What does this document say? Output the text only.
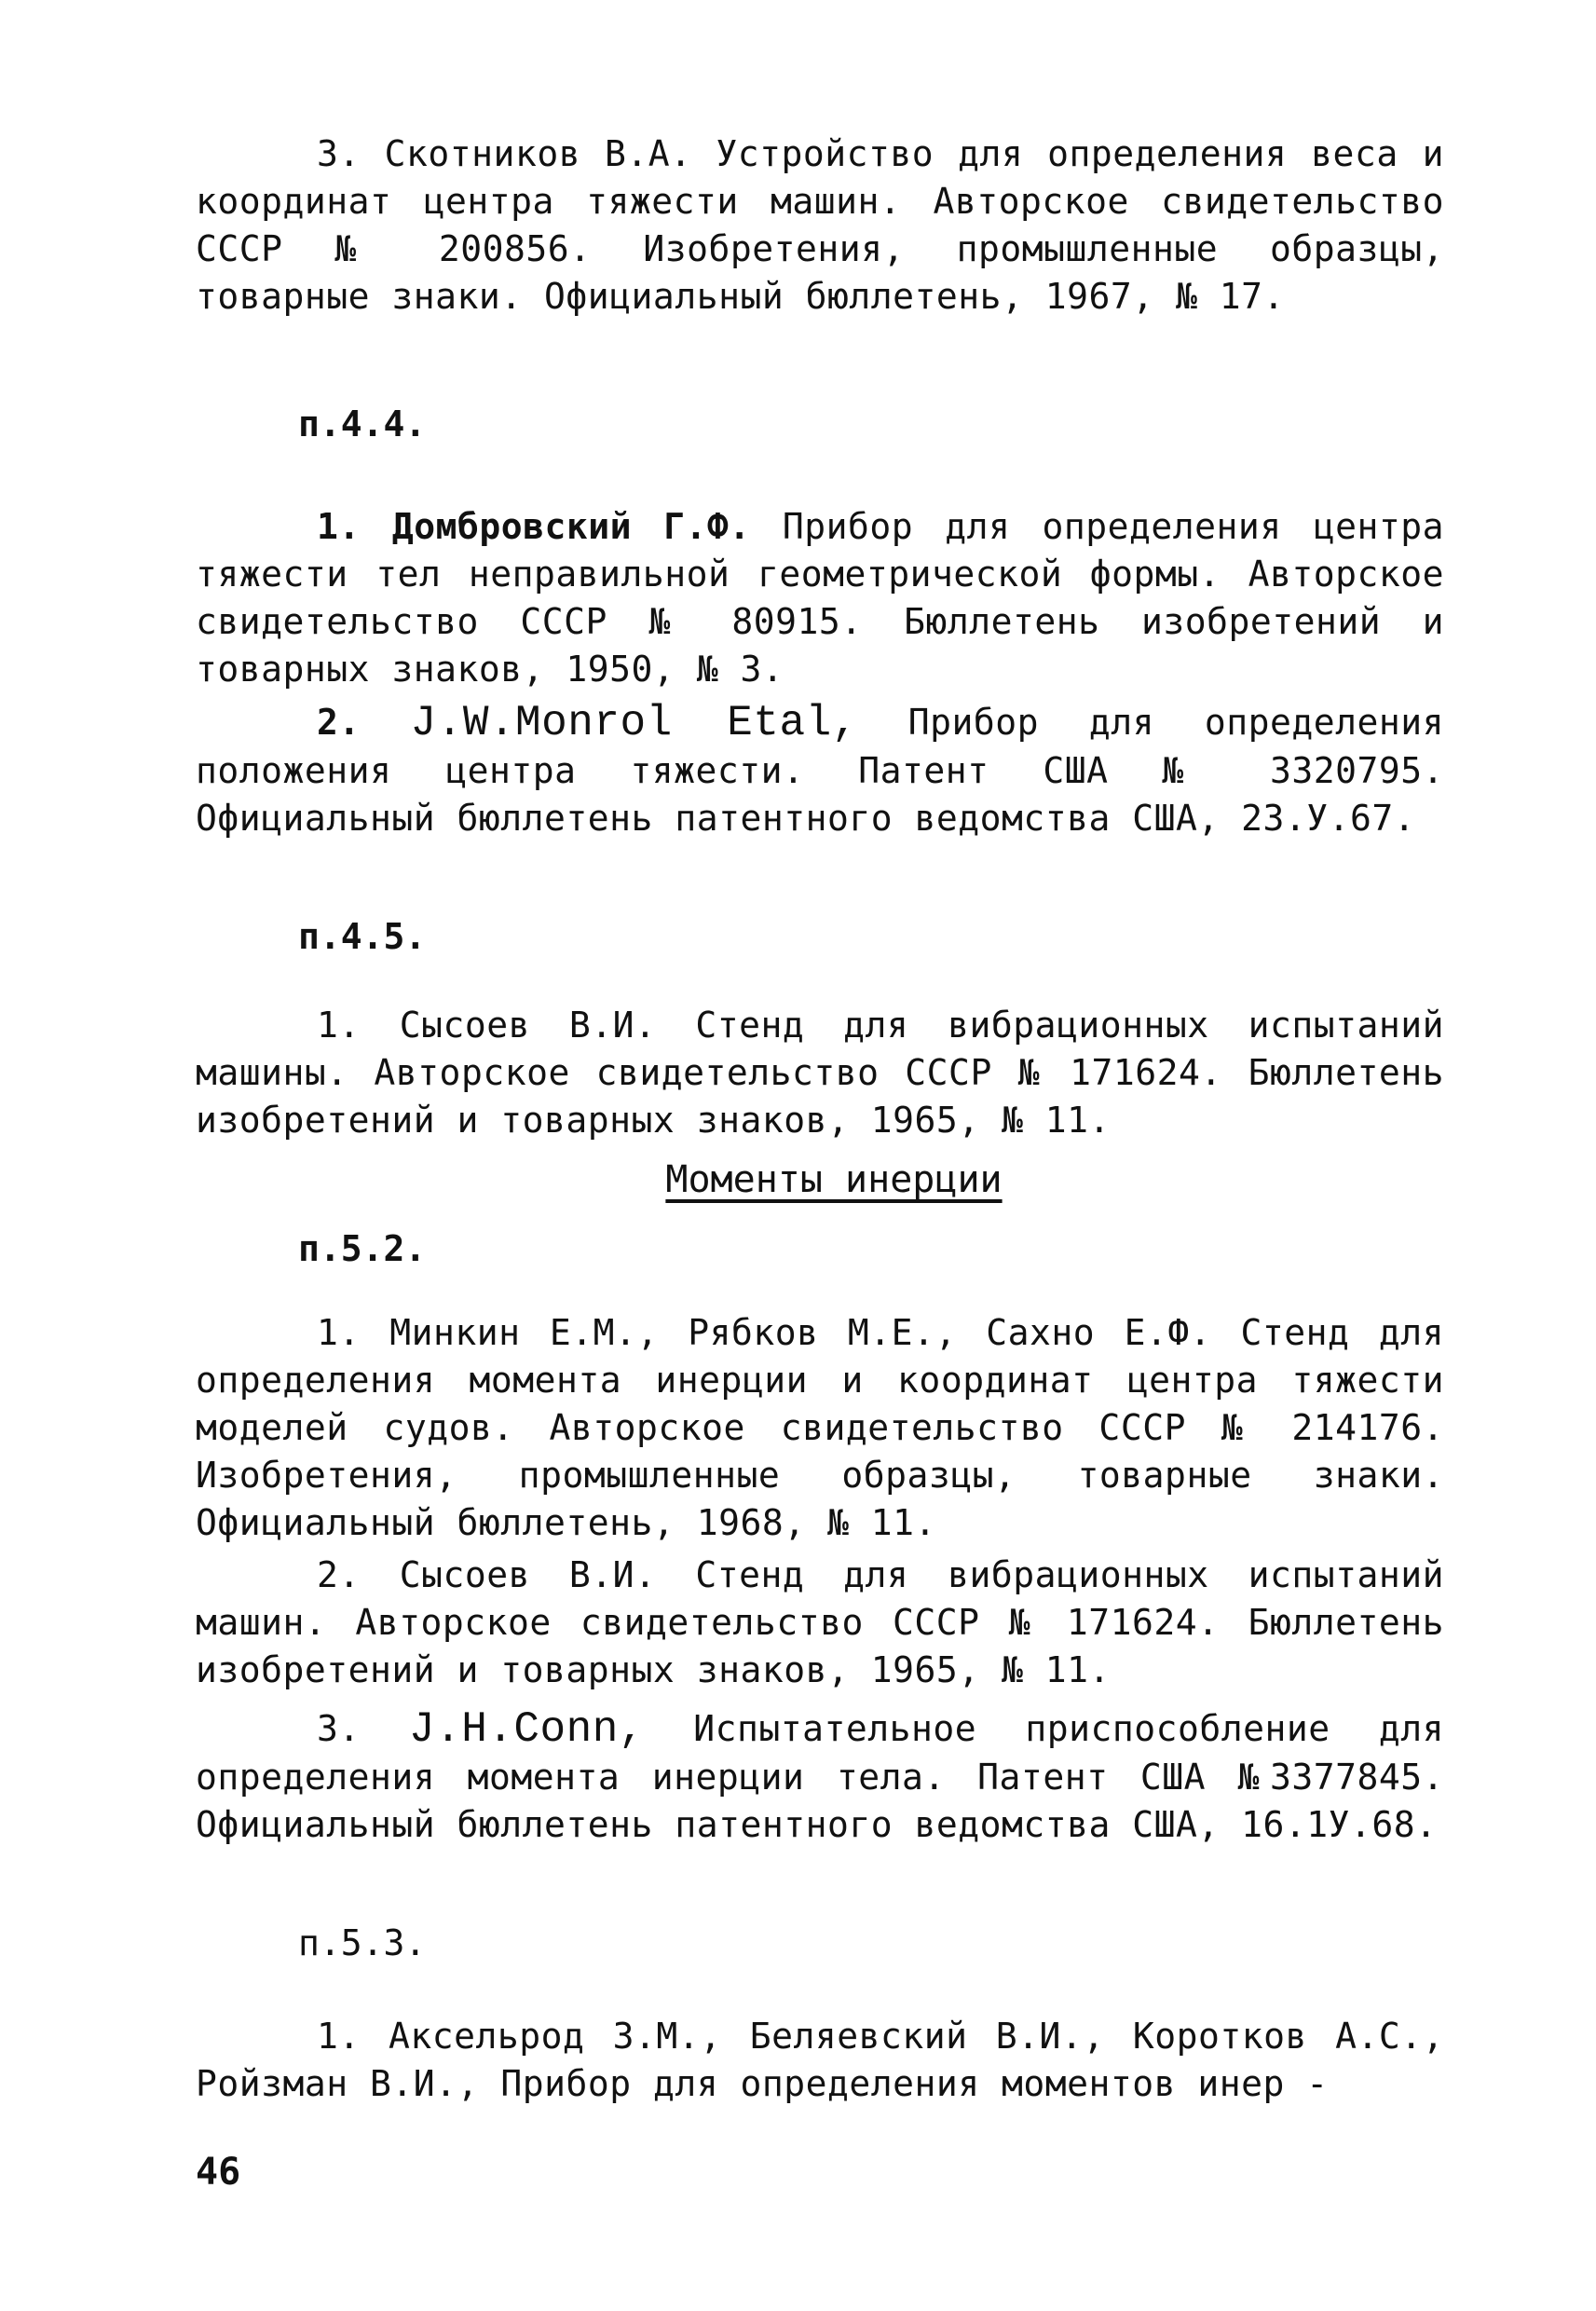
3. Скотников В.А. Устройство для определения веса и координат центра тяжести машин. Авторское свидетельство СССР № 200856. Изобретения, промышленные образцы, товарные знаки. Официальный бюллетень, 1967, № 17.

п.4.4.

1. Домбровский Г.Ф. Прибор для определения центра тяжести тел неправильной геометрической формы. Авторское свидетельство СССР № 80915. Бюллетень изобретений и товарных знаков, 1950, № 3.

2. J.W.Monrol Etal, Прибор для определения положения центра тяжести. Патент США № 3320795. Официальный бюллетень патентного ведомства США, 23.У.67.

п.4.5.

1. Сысоев В.И. Стенд для вибрационных испытаний машины. Авторское свидетельство СССР № 171624. Бюллетень изобретений и товарных знаков, 1965, № 11.

Моменты инерции
п.5.2.

1. Минкин Е.М., Рябков М.Е., Сахно Е.Ф. Стенд для определения момента инерции и координат центра тяжести моделей судов. Авторское свидетельство СССР № 214176. Изобретения, промышленные образцы, товарные знаки. Официальный бюллетень, 1968, № 11.

2. Сысоев В.И. Стенд для вибрационных испытаний машин. Авторское свидетельство СССР № 171624. Бюллетень изобретений и товарных знаков, 1965, № 11.

3. J.H.Conn, Испытательное приспособление для определения момента инерции тела. Патент США №3377845. Официальный бюллетень патентного ведомства США, 16.1У.68.

п.5.3.

1. Аксельрод З.М., Беляевский В.И., Коротков А.С., Ройзман В.И., Прибор для определения моментов инер -

46
